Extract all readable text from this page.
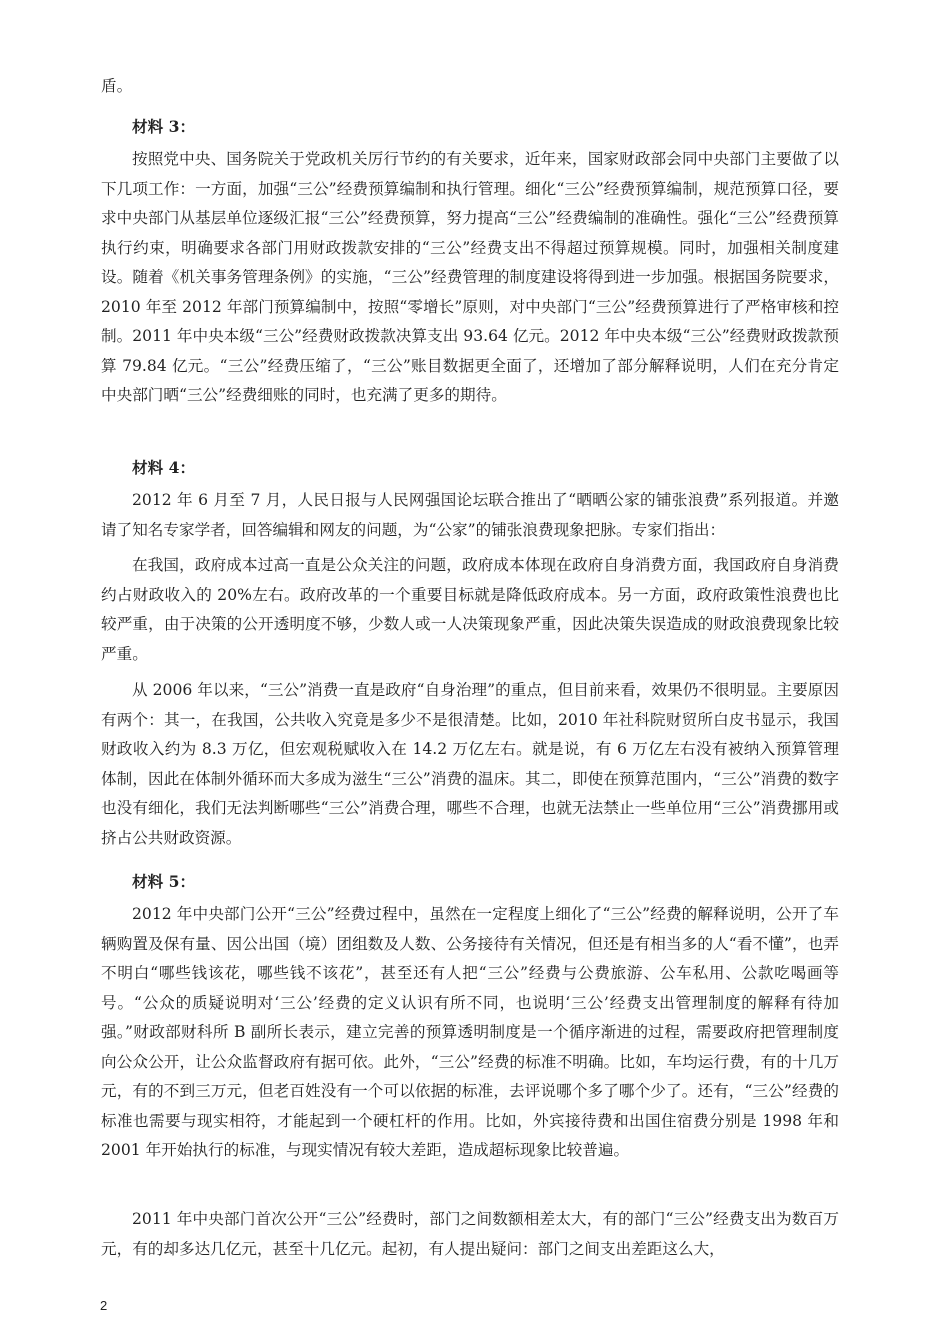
盾。

材料 3：

按照党中央、国务院关于党政机关厉行节约的有关要求，近年来，国家财政部会同中央部门主要做了以下几项工作：一方面，加强“三公”经费预算编制和执行管理。细化“三公”经费预算编制，规范预算口径，要求中央部门从基层单位逐级汇报“三公”经费预算，努力提高“三公”经费编制的准确性。强化“三公”经费预算执行约束，明确要求各部门用财政拨款安排的“三公”经费支出不得超过预算规模。同时，加强相关制度建设。随着《机关事务管理条例》的实施，“三公”经费管理的制度建设将得到进一步加强。根据国务院要求，2010 年至 2012 年部门预算编制中，按照“零增长”原则，对中央部门“三公”经费预算进行了严格审核和控制。2011 年中央本级“三公”经费财政拨款决算支出 93.64 亿元。2012 年中央本级“三公”经费财政拨款预算 79.84 亿元。“三公”经费压缩了，“三公”账目数据更全面了，还增加了部分解释说明，人们在充分肯定中央部门晒“三公”经费细账的同时，也充满了更多的期待。

材料 4：

2012 年 6 月至 7 月，人民日报与人民网强国论坛联合推出了“晒晒公家的铺张浪费”系列报道。并邀请了知名专家学者，回答编辑和网友的问题，为“公家”的铺张浪费现象把脉。专家们指出：

在我国，政府成本过高一直是公众关注的问题，政府成本体现在政府自身消费方面，我国政府自身消费约占财政收入的 20%左右。政府改革的一个重要目标就是降低政府成本。另一方面，政府政策性浪费也比较严重，由于决策的公开透明度不够，少数人或一人决策现象严重，因此决策失误造成的财政浪费现象比较严重。

从 2006 年以来，“三公”消费一直是政府“自身治理”的重点，但目前来看，效果仍不很明显。主要原因有两个：其一，在我国，公共收入究竟是多少不是很清楚。比如，2010 年社科院财贸所白皮书显示，我国财政收入约为 8.3 万亿，但宏观税赋收入在 14.2 万亿左右。就是说，有 6 万亿左右没有被纳入预算管理体制，因此在体制外循环而大多成为滋生“三公”消费的温床。其二，即使在预算范围内，“三公”消费的数字也没有细化，我们无法判断哪些“三公”消费合理，哪些不合理，也就无法禁止一些单位用“三公”消费挪用或挤占公共财政资源。

材料 5：

2012 年中央部门公开“三公”经费过程中，虽然在一定程度上细化了“三公”经费的解释说明，公开了车辆购置及保有量、因公出国（境）团组数及人数、公务接待有关情况，但还是有相当多的人“看不懂”，也弄不明白“哪些钱该花，哪些钱不该花”，甚至还有人把“三公”经费与公费旅游、公车私用、公款吃喝画等号。“公众的质疑说明对‘三公’经费的定义认识有所不同，也说明‘三公’经费支出管理制度的解释有待加强。”财政部财科所 B 副所长表示，建立完善的预算透明制度是一个循序渐进的过程，需要政府把管理制度向公众公开，让公众监督政府有据可依。此外，“三公”经费的标准不明确。比如，车均运行费，有的十几万元，有的不到三万元，但老百姓没有一个可以依据的标准，去评说哪个多了哪个少了。还有，“三公”经费的标准也需要与现实相符，才能起到一个硬杠杆的作用。比如，外宾接待费和出国住宿费分别是 1998 年和 2001 年开始执行的标准，与现实情况有较大差距，造成超标现象比较普遍。

2011 年中央部门首次公开“三公”经费时，部门之间数额相差太大，有的部门“三公”经费支出为数百万元，有的却多达几亿元，甚至十几亿元。起初，有人提出疑问：部门之间支出差距这么大，

2
